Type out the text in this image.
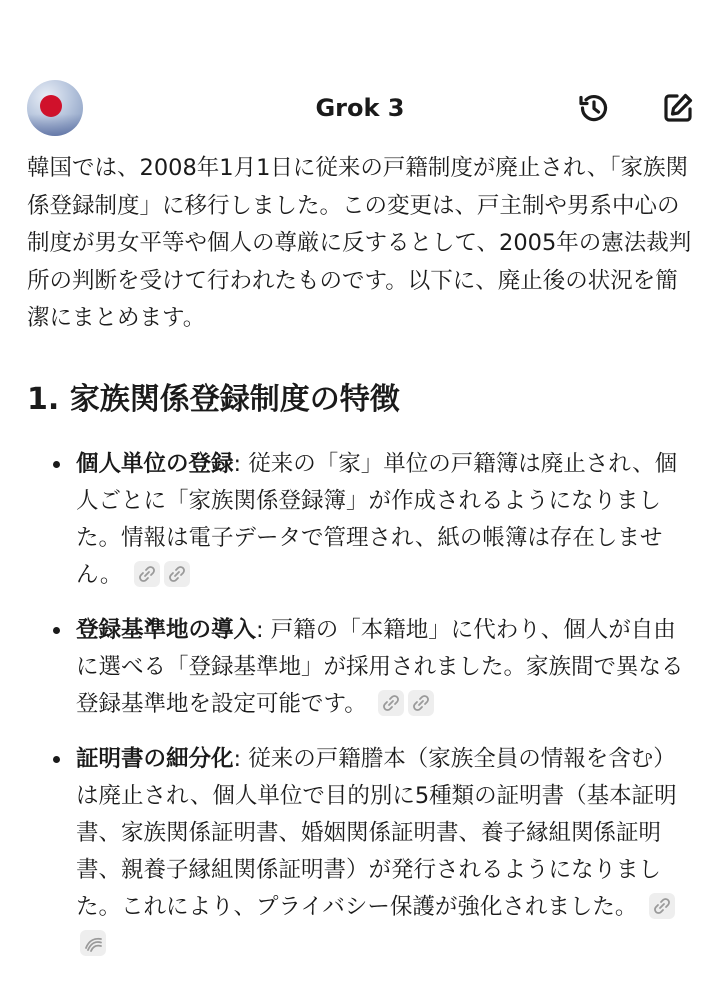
Grok 3

韓国では、2008年1月1日に従来の戸籍制度が廃止され、「家族関係登録制度」に移行しました。この変更は、戸主制や男系中心の制度が男女平等や個人の尊厳に反するとして、2005年の憲法裁判所の判断を受けて行われたものです。以下に、廃止後の状況を簡潔にまとめます。

1. 家族関係登録制度の特徴
個人単位の登録: 従来の「家」単位の戸籍簿は廃止され、個人ごとに「家族関係登録簿」が作成されるようになりました。情報は電子データで管理され、紙の帳簿は存在しません。
登録基準地の導入: 戸籍の「本籍地」に代わり、個人が自由に選べる「登録基準地」が採用されました。家族間で異なる登録基準地を設定可能です。
証明書の細分化: 従来の戸籍謄本（家族全員の情報を含む）は廃止され、個人単位で目的別に5種類の証明書（基本証明書、家族関係証明書、婚姻関係証明書、養子縁組関係証明書、親養子縁組関係証明書）が発行されるようになりました。これにより、プライバシー保護が強化されました。
